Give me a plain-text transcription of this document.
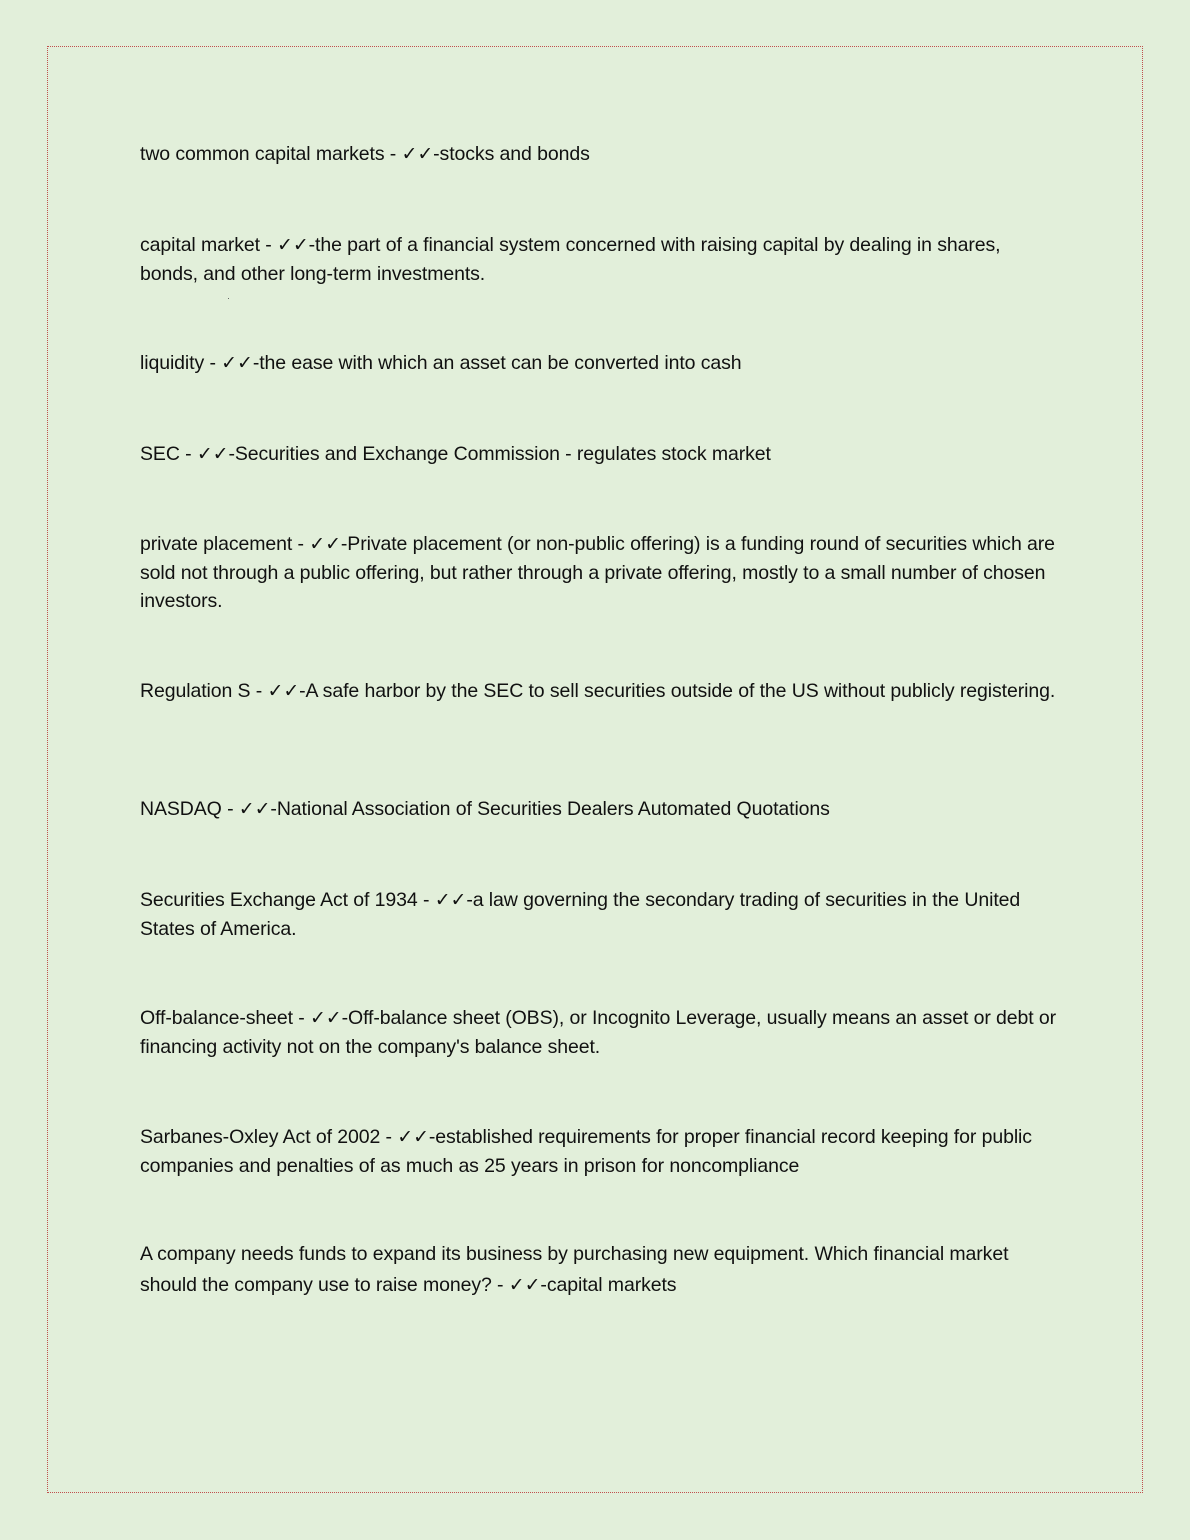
two common capital markets - ✓✓-stocks and bonds

capital market - ✓✓-the part of a financial system concerned with raising capital by dealing in shares, bonds, and other long-term investments.

liquidity - ✓✓-the ease with which an asset can be converted into cash

SEC - ✓✓-Securities and Exchange Commission - regulates stock market

private placement - ✓✓-Private placement (or non-public offering) is a funding round of securities which are sold not through a public offering, but rather through a private offering, mostly to a small number of chosen investors.

Regulation S - ✓✓-A safe harbor by the SEC to sell securities outside of the US without publicly registering.

NASDAQ - ✓✓-National Association of Securities Dealers Automated Quotations

Securities Exchange Act of 1934 - ✓✓-a law governing the secondary trading of securities in the United States of America.

Off-balance-sheet - ✓✓-Off-balance sheet (OBS), or Incognito Leverage, usually means an asset or debt or financing activity not on the company's balance sheet.

Sarbanes-Oxley Act of 2002 - ✓✓-established requirements for proper financial record keeping for public companies and penalties of as much as 25 years in prison for noncompliance

A company needs funds to expand its business by purchasing new equipment. Which financial market should the company use to raise money? - ✓✓-capital markets
